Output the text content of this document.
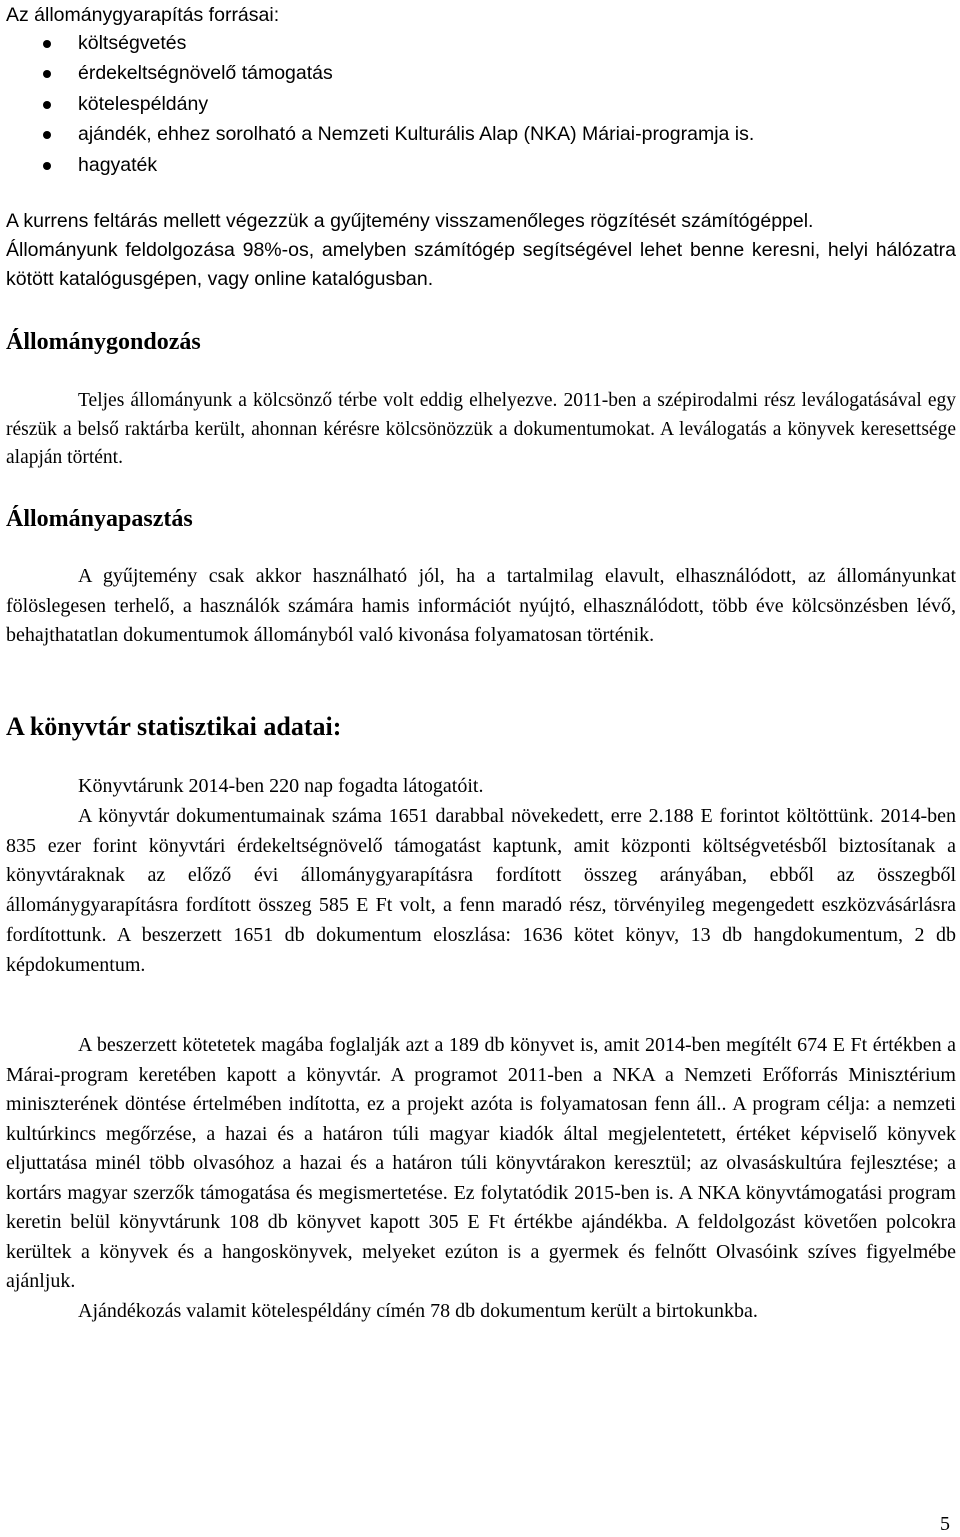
Az állománygyarapítás forrásai:
költségvetés
érdekeltségnövelő támogatás
kötelespéldány
ajándék, ehhez sorolható a Nemzeti Kulturális Alap (NKA) Máriai-programja is.
hagyaték
A kurrens feltárás mellett végezzük a gyűjtemény visszamenőleges rögzítését számítógéppel.
Állományunk feldolgozása 98%-os, amelyben számítógép segítségével lehet benne keresni, helyi hálózatra kötött katalógusgépen, vagy online katalógusban.
Állománygondozás

Teljes állományunk a kölcsönző térbe volt eddig elhelyezve. 2011-ben a szépirodalmi rész leválogatásával egy részük a belső raktárba került, ahonnan kérésre kölcsönözzük a dokumentumokat. A leválogatás a könyvek keresettsége alapján történt.

Állományapasztás

A gyűjtemény csak akkor használható jól, ha a tartalmilag elavult, elhasználódott, az állományunkat fölöslegesen terhelő, a használók számára hamis információt nyújtó, elhasználódott, több éve kölcsönzésben lévő, behajthatatlan dokumentumok állományból való kivonása folyamatosan történik.

A könyvtár statisztikai adatai:
Könyvtárunk 2014-ben 220 nap fogadta látogatóit.
A könyvtár dokumentumainak száma 1651 darabbal növekedett, erre 2.188 E forintot költöttünk. 2014-ben 835 ezer forint könyvtári érdekeltségnövelő támogatást kaptunk, amit központi költségvetésből biztosítanak a könyvtáraknak az előző évi állománygyarapításra fordított összeg arányában, ebből az összegből állománygyarapításra fordított összeg 585 E Ft volt, a fenn maradó rész, törvényileg megengedett eszközvásárlásra fordítottunk. A beszerzett 1651 db dokumentum eloszlása: 1636 kötet könyv, 13 db hangdokumentum, 2 db képdokumentum.
A beszerzett kötetetek magába foglalják azt a 189 db könyvet is, amit 2014-ben megítélt 674 E Ft értékben a Márai-program keretében kapott a könyvtár. A programot 2011-ben a NKA a Nemzeti Erőforrás Minisztérium miniszterének döntése értelmében indította, ez a projekt azóta is folyamatosan fenn áll.. A program célja: a nemzeti kultúrkincs megőrzése, a hazai és a határon túli magyar kiadók által megjelentetett, értéket képviselő könyvek eljuttatása minél több olvasóhoz a hazai és a határon túli könyvtárakon keresztül; az olvasáskultúra fejlesztése; a kortárs magyar szerzők támogatása és megismertetése. Ez folytatódik 2015-ben is. A NKA könyvtámogatási program keretin belül könyvtárunk 108 db könyvet kapott 305 E Ft értékbe ajándékba. A feldolgozást követően polcokra kerültek a könyvek és a hangoskönyvek, melyeket ezúton is a gyermek és felnőtt Olvasóink szíves figyelmébe ajánljuk.
Ajándékozás valamit kötelespéldány címén 78 db dokumentum került a birtokunkba.
5
